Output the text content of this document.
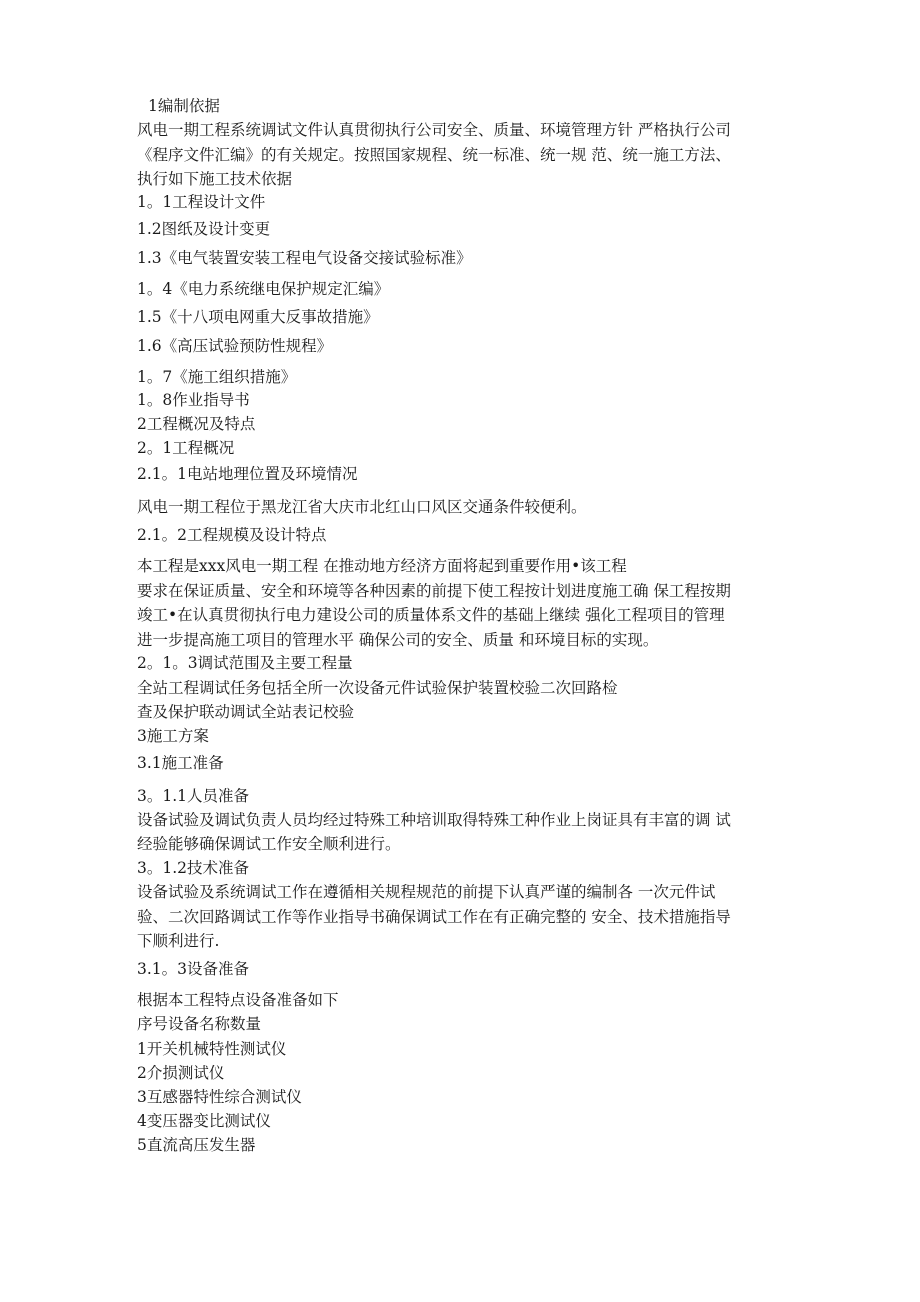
1编制依据
风电一期工程系统调试文件认真贯彻执行公司安全、质量、环境管理方针 严格执行公司
《程序文件汇编》的有关规定。按照国家规程、统一标准、统一规 范、统一施工方法、
执行如下施工技术依据
1。1工程设计文件
1.2图纸及设计变更
1.3《电气装置安装工程电气设备交接试验标准》
1。4《电力系统继电保护规定汇编》
1.5《十八项电网重大反事故措施》
1.6《高压试验预防性规程》
1。7《施工组织措施》
1。8作业指导书
2工程概况及特点
2。1工程概况
2.1。1电站地理位置及环境情况
风电一期工程位于黑龙江省大庆市北红山口风区交通条件较便利。
2.1。2工程规模及设计特点
本工程是xxx风电一期工程 在推动地方经济方面将起到重要作用•该工程
要求在保证质量、安全和环境等各种因素的前提下使工程按计划进度施工确 保工程按期
竣工•在认真贯彻执行电力建设公司的质量体系文件的基础上继续 强化工程项目的管理
进一步提高施工项目的管理水平 确保公司的安全、质量 和环境目标的实现。
2。1。3调试范围及主要工程量
全站工程调试任务包括全所一次设备元件试验保护装置校验二次回路检
查及保护联动调试全站表记校验
3施工方案
3.1施工准备
3。1.1人员准备
设备试验及调试负责人员均经过特殊工种培训取得特殊工种作业上岗证具有丰富的调 试
经验能够确保调试工作安全顺利进行。
3。1.2技术准备
设备试验及系统调试工作在遵循相关规程规范的前提下认真严谨的编制各 一次元件试
验、二次回路调试工作等作业指导书确保调试工作在有正确完整的 安全、技术措施指导
下顺利进行.
3.1。3设备准备
根据本工程特点设备准备如下
序号设备名称数量
1开关机械特性测试仪
2介损测试仪
3互感器特性综合测试仪
4变压器变比测试仪
5直流高压发生器
